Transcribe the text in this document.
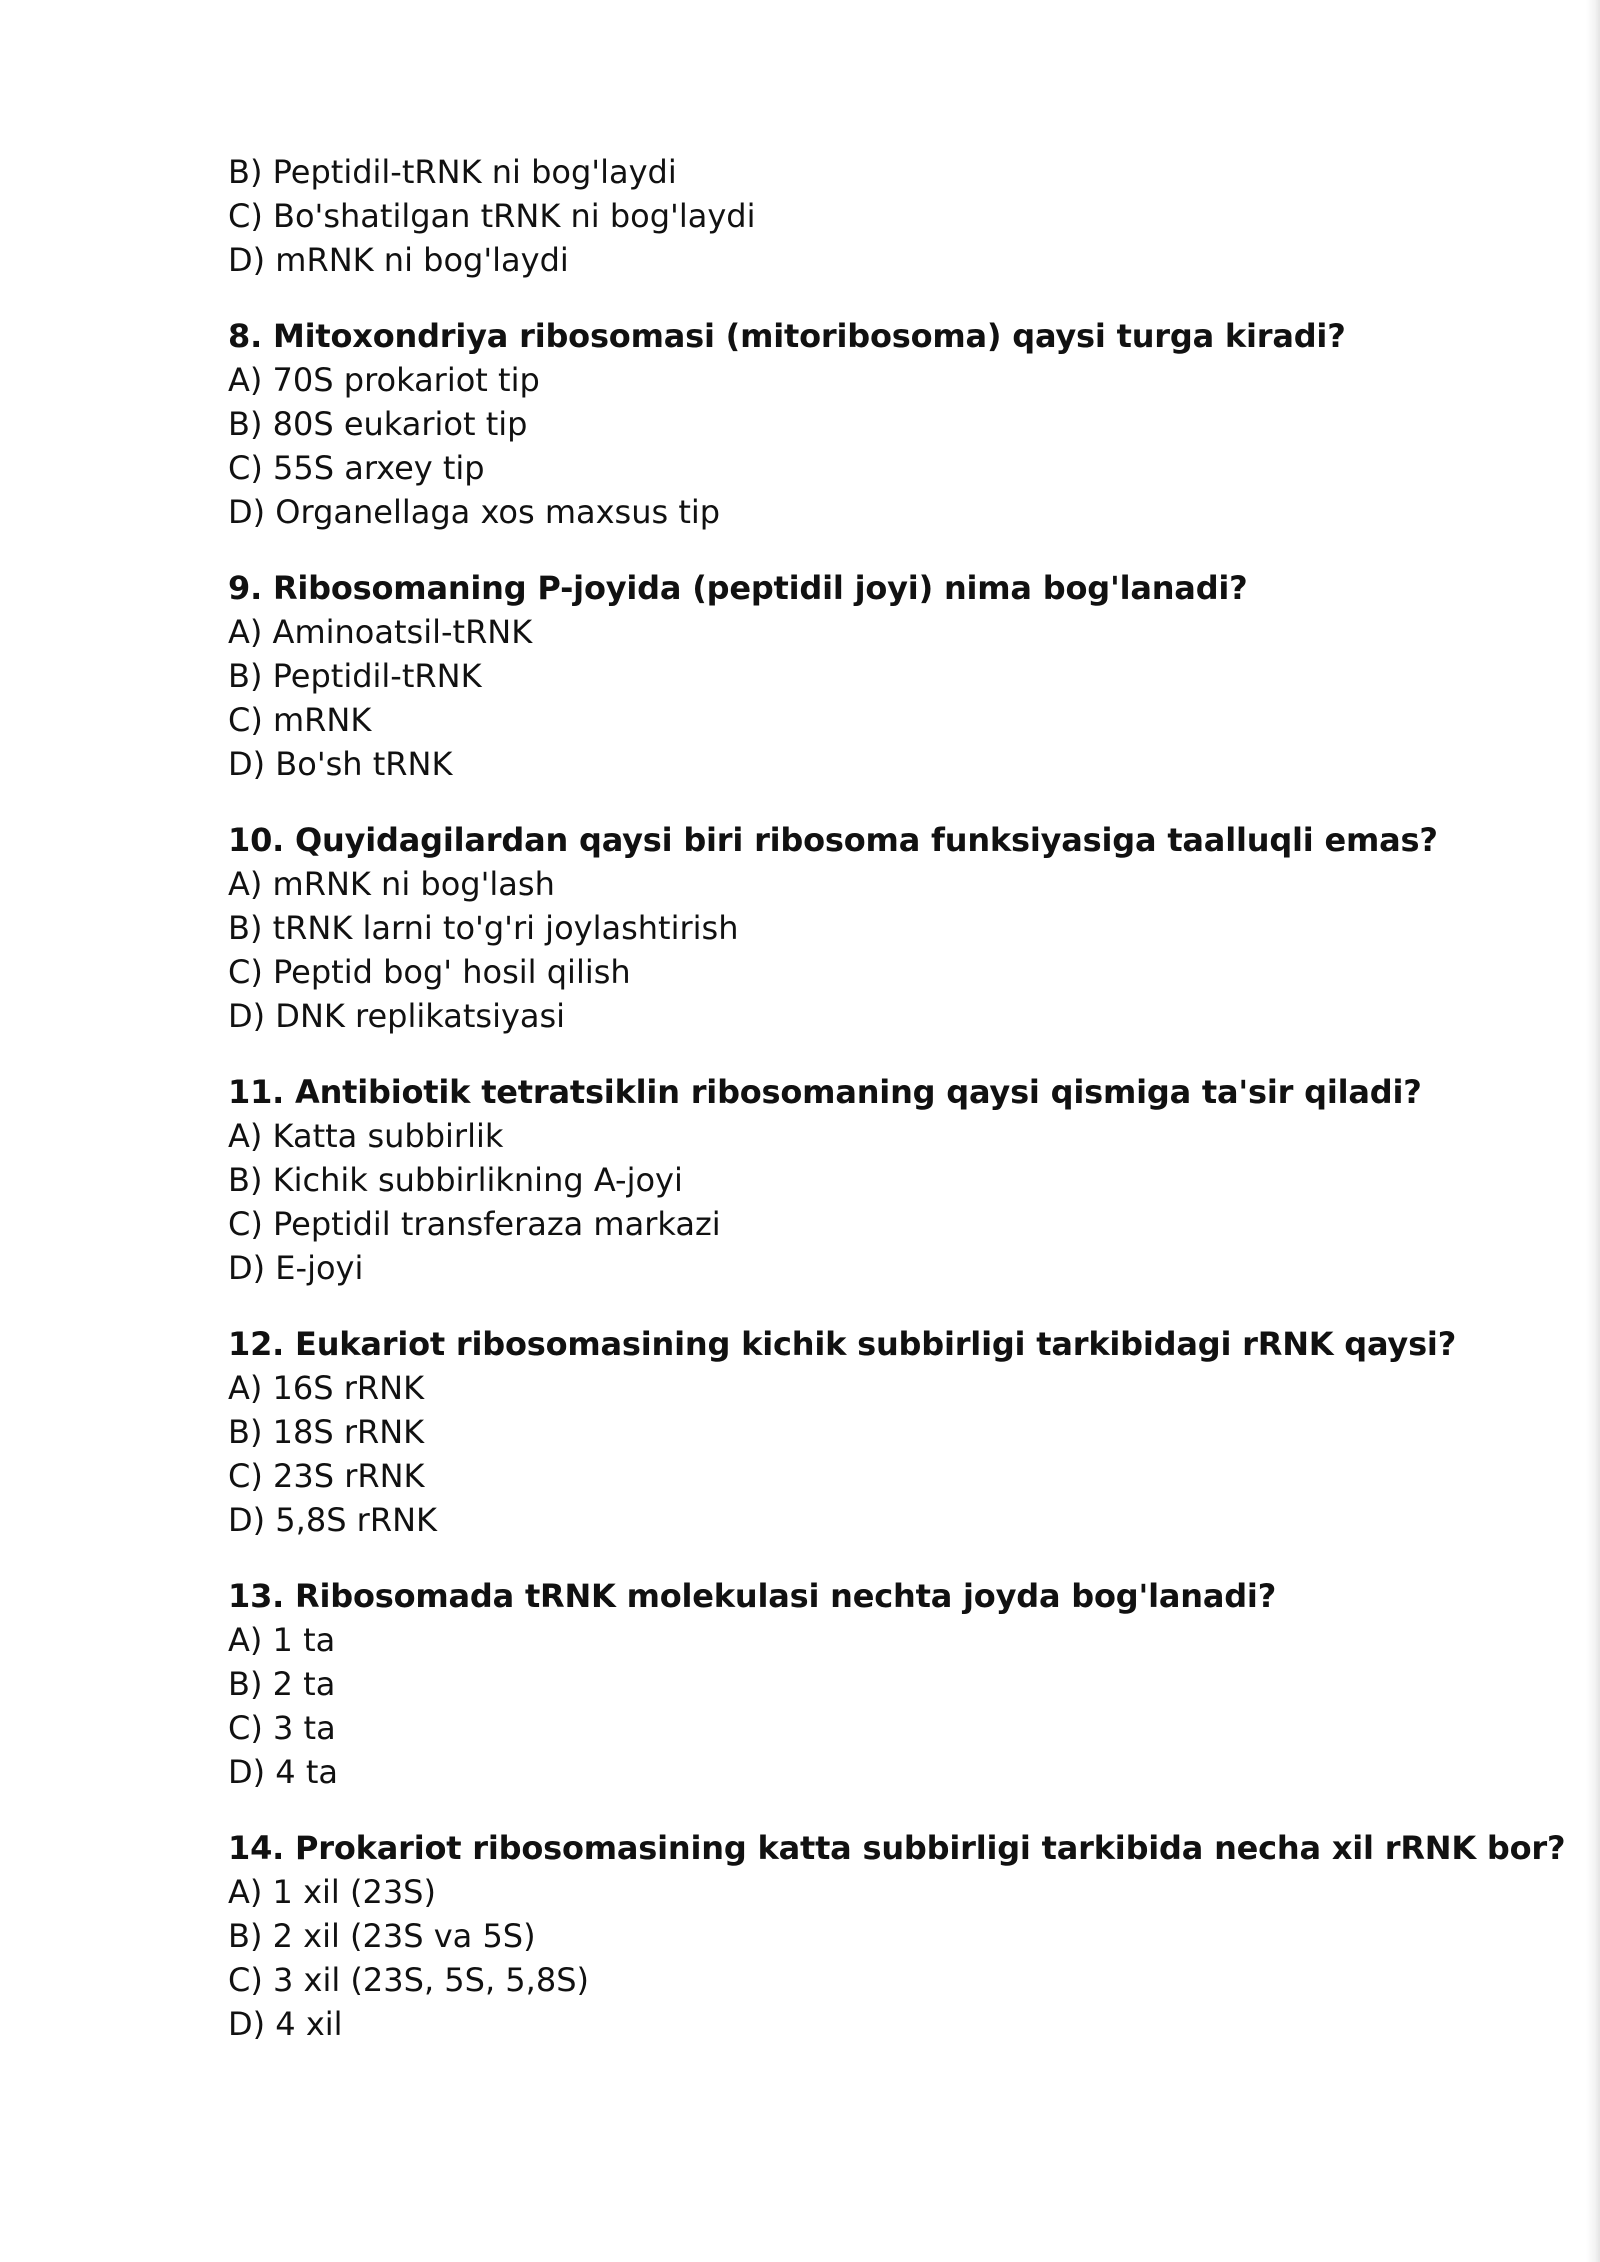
B) Peptidil-tRNK ni bog'laydi
C) Bo'shatilgan tRNK ni bog'laydi
D) mRNK ni bog'laydi
8. Mitoxondriya ribosomasi (mitoribosoma) qaysi turga kiradi?
A) 70S prokariot tip
B) 80S eukariot tip
C) 55S arxey tip
D) Organellaga xos maxsus tip
9. Ribosomaning P-joyida (peptidil joyi) nima bog'lanadi?
A) Aminoatsil-tRNK
B) Peptidil-tRNK
C) mRNK
D) Bo'sh tRNK
10. Quyidagilardan qaysi biri ribosoma funksiyasiga taalluqli emas?
A) mRNK ni bog'lash
B) tRNK larni to'g'ri joylashtirish
C) Peptid bog' hosil qilish
D) DNK replikatsiyasi
11. Antibiotik tetratsiklin ribosomaning qaysi qismiga ta'sir qiladi?
A) Katta subbirlik
B) Kichik subbirlikning A-joyi
C) Peptidil transferaza markazi
D) E-joyi
12. Eukariot ribosomasining kichik subbirligi tarkibidagi rRNK qaysi?
A) 16S rRNK
B) 18S rRNK
C) 23S rRNK
D) 5,8S rRNK
13. Ribosomada tRNK molekulasi nechta joyda bog'lanadi?
A) 1 ta
B) 2 ta
C) 3 ta
D) 4 ta
14. Prokariot ribosomasining katta subbirligi tarkibida necha xil rRNK bor?
A) 1 xil (23S)
B) 2 xil (23S va 5S)
C) 3 xil (23S, 5S, 5,8S)
D) 4 xil
